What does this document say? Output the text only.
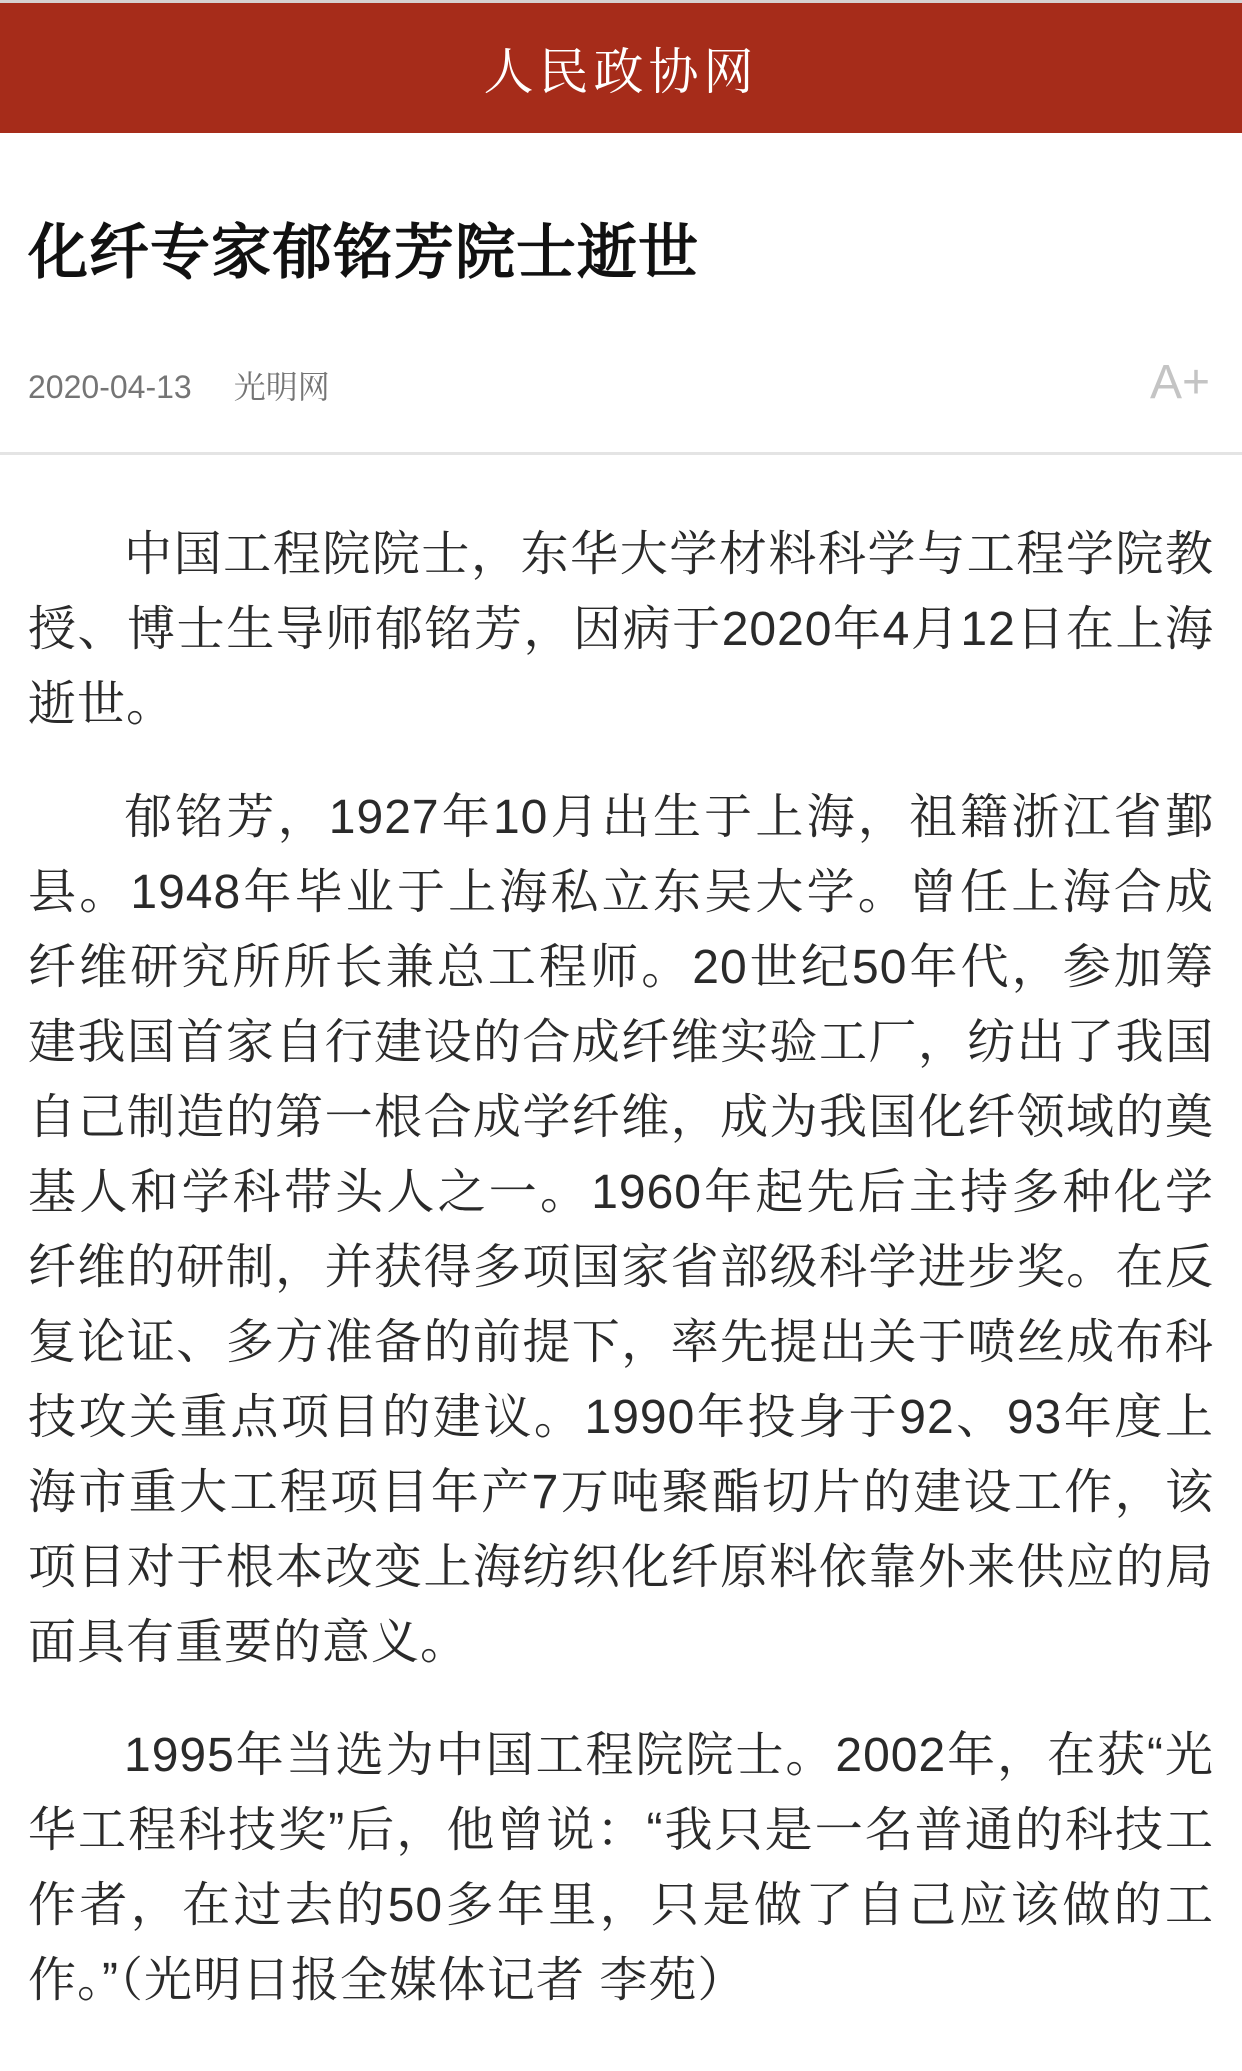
人民政协网
化纤专家郁铭芳院士逝世
2020-04-13 光明网	A+

中国工程院院士，东华大学材料科学与工程学院教授、博士生导师郁铭芳，因病于2020年4月12日在上海逝世。

郁铭芳，1927年10月出生于上海，祖籍浙江省鄞县。1948年毕业于上海私立东吴大学。曾任上海合成纤维研究所所长兼总工程师。20世纪50年代，参加筹建我国首家自行建设的合成纤维实验工厂，纺出了我国自己制造的第一根合成学纤维，成为我国化纤领域的奠基人和学科带头人之一。1960年起先后主持多种化学纤维的研制，并获得多项国家省部级科学进步奖。在反复论证、多方准备的前提下，率先提出关于喷丝成布科技攻关重点项目的建议。1990年投身于92、93年度上海市重大工程项目年产7万吨聚酯切片的建设工作，该项目对于根本改变上海纺织化纤原料依靠外来供应的局面具有重要的意义。

1995年当选为中国工程院院士。2002年，在获“光华工程科技奖”后，他曾说：“我只是一名普通的科技工作者，在过去的50多年里，只是做了自己应该做的工作。”（光明日报全媒体记者 李苑）
